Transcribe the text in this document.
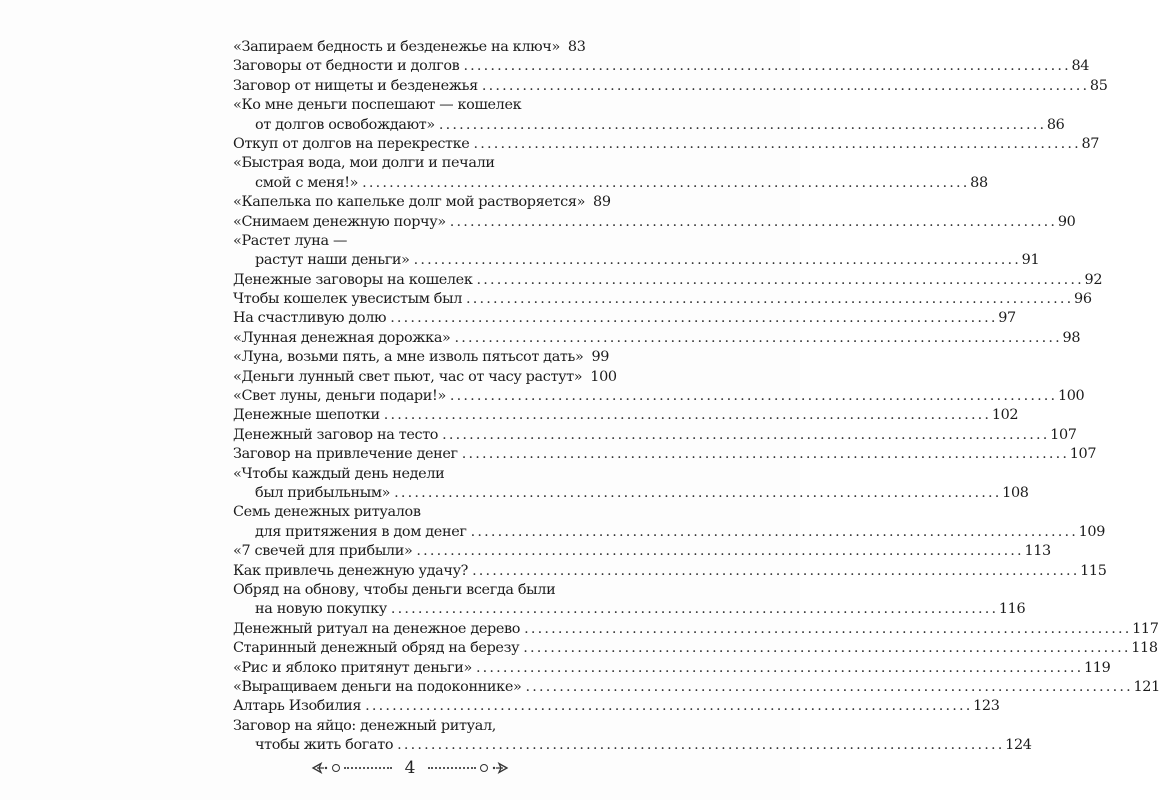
«Запираем бедность и безденежье на ключ» 83
Заговоры от бедности и долгов . . .	84
Заговор от нищеты и безденежья . . .	85
«Ко мне деньги поспешают — кошелек
от долгов освобождают» . . .	86
Откуп от долгов на перекрестке . . .	87
«Быстрая вода, мои долги и печали
смой с меня!» . . .	88
«Капелька по капельке долг мой растворяется» 89
«Снимаем денежную порчу» . . .	90
«Растет луна —
растут наши деньги» . . .	91
Денежные заговоры на кошелек . . .	92
Чтобы кошелек увесистым был . . .	96
На счастливую долю . . .	97
«Лунная денежная дорожка» . . .	98
«Луна, возьми пять, а мне изволь пятьсот дать» 99
«Деньги лунный свет пьют, час от часу растут» 100
«Свет луны, деньги подари!» . . .	100
Денежные шепотки . . .	102
Денежный заговор на тесто . . .	107
Заговор на привлечение денег . . .	107
«Чтобы каждый день недели
был прибыльным» . . .	108
Семь денежных ритуалов
для притяжения в дом денег . . .	109
«7 свечей для прибыли» . . .	113
Как привлечь денежную удачу? . . .	115
Обряд на обнову, чтобы деньги всегда были
на новую покупку . . .	116
Денежный ритуал на денежное дерево . . .	117
Старинный денежный обряд на березу . . .	118
«Рис и яблоко притянут деньги» . . .	119
«Выращиваем деньги на подоконнике» . . .	121
Алтарь Изобилия . . .	123
Заговор на яйцо: денежный ритуал,
чтобы жить богато . . .	124
4
